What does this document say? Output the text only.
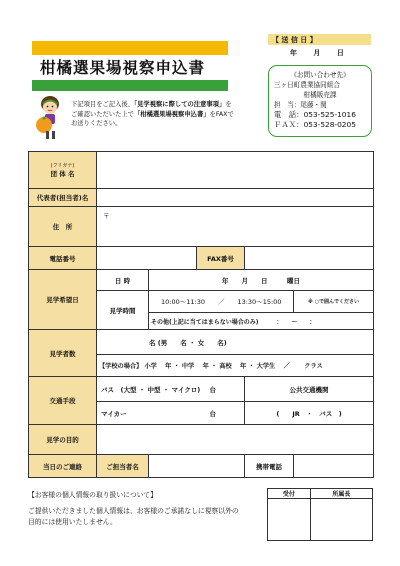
柑橘選果場視察申込書
【 送 信 日 】
年 月 日
《お問い合わせ先》
三ヶ日町農業協同組合
柑橘販売課
担　当：尾藤・関
電　話：053-525-1016
ＦＡＸ：053-528-0205
下記項目をご記入後、「見学視察に際しての注意事項」を
ご確認いただいた上で「柑橘選果場視察申込書」をFAXで
お送りください。
(フリガナ)
団 体 名					
代表者(担当者)名					
住　所	〒				
電話番号			FAX番号		
見学希望日	日 時	年　　月　　日　　　曜日			
	見学時間	10:00～11:30　　／　　13:30～15:00			※ ○で囲んでください
		その他(上記に当てはまらない場合のみ)　　　：　　～　　：			
見学者数	名 (男　　名 ・ 女　　名)				
	【学校の場合】 小学　 年 ・ 中学　 年 ・ 高校　 年 ・ 大学生　 ／　　 クラス				
交通手段	バス　(大型 ・ 中型 ・ マイクロ) 台			公共交通機関	
	マイカー 台			(　　JR　・　バス　)	
見学の目的					
当日のご連絡	ご担当者名			携帯電話	
【お客様の個人情報の取り扱いについて】
ご提供いただきました個人情報は、お客様のご承諾なしに視察以外の
目的には使用いたしません。
受付	所属長
